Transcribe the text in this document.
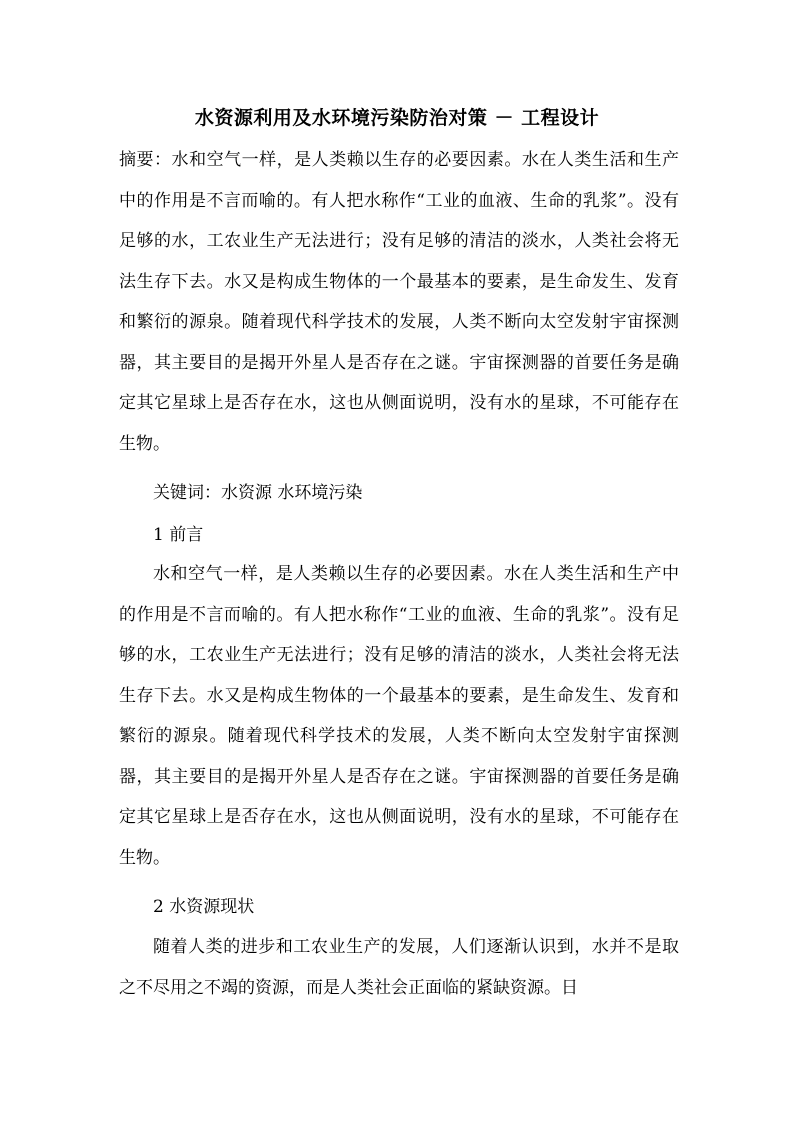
水资源利用及水环境污染防治对策 － 工程设计

摘要：水和空气一样，是人类赖以生存的必要因素。水在人类生活和生产中的作用是不言而喻的。有人把水称作“工业的血液、生命的乳浆”。没有足够的水，工农业生产无法进行；没有足够的清洁的淡水，人类社会将无法生存下去。水又是构成生物体的一个最基本的要素，是生命发生、发育和繁衍的源泉。随着现代科学技术的发展，人类不断向太空发射宇宙探测器，其主要目的是揭开外星人是否存在之谜。宇宙探测器的首要任务是确定其它星球上是否存在水，这也从侧面说明，没有水的星球，不可能存在生物。

关键词：水资源 水环境污染

1 前言

水和空气一样，是人类赖以生存的必要因素。水在人类生活和生产中的作用是不言而喻的。有人把水称作“工业的血液、生命的乳浆”。没有足够的水，工农业生产无法进行；没有足够的清洁的淡水，人类社会将无法生存下去。水又是构成生物体的一个最基本的要素，是生命发生、发育和繁衍的源泉。随着现代科学技术的发展，人类不断向太空发射宇宙探测器，其主要目的是揭开外星人是否存在之谜。宇宙探测器的首要任务是确定其它星球上是否存在水，这也从侧面说明，没有水的星球，不可能存在生物。

2 水资源现状

随着人类的进步和工农业生产的发展，人们逐渐认识到，水并不是取之不尽用之不竭的资源，而是人类社会正面临的紧缺资源。日
